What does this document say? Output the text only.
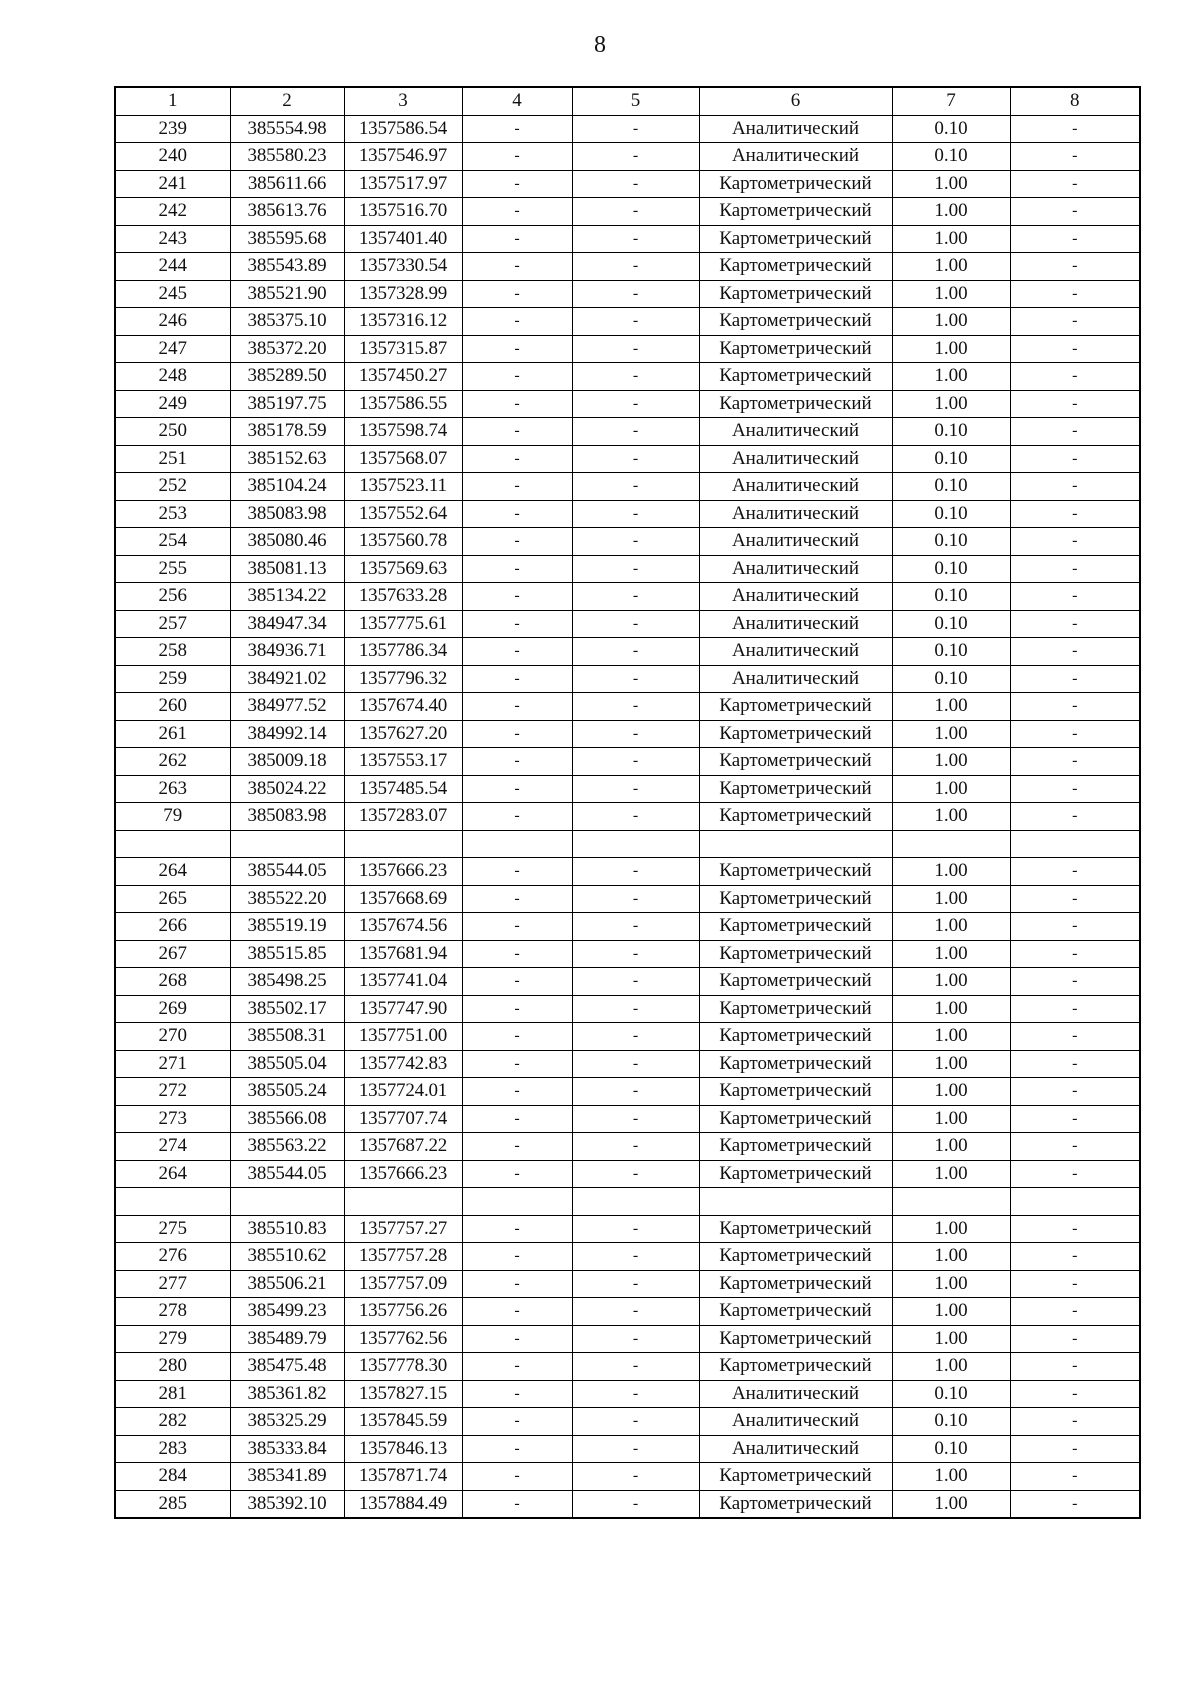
8
1	2	3	4	5	6	7	8
239	385554.98	1357586.54	-	-	Аналитический	0.10	-
240	385580.23	1357546.97	-	-	Аналитический	0.10	-
241	385611.66	1357517.97	-	-	Картометрический	1.00	-
242	385613.76	1357516.70	-	-	Картометрический	1.00	-
243	385595.68	1357401.40	-	-	Картометрический	1.00	-
244	385543.89	1357330.54	-	-	Картометрический	1.00	-
245	385521.90	1357328.99	-	-	Картометрический	1.00	-
246	385375.10	1357316.12	-	-	Картометрический	1.00	-
247	385372.20	1357315.87	-	-	Картометрический	1.00	-
248	385289.50	1357450.27	-	-	Картометрический	1.00	-
249	385197.75	1357586.55	-	-	Картометрический	1.00	-
250	385178.59	1357598.74	-	-	Аналитический	0.10	-
251	385152.63	1357568.07	-	-	Аналитический	0.10	-
252	385104.24	1357523.11	-	-	Аналитический	0.10	-
253	385083.98	1357552.64	-	-	Аналитический	0.10	-
254	385080.46	1357560.78	-	-	Аналитический	0.10	-
255	385081.13	1357569.63	-	-	Аналитический	0.10	-
256	385134.22	1357633.28	-	-	Аналитический	0.10	-
257	384947.34	1357775.61	-	-	Аналитический	0.10	-
258	384936.71	1357786.34	-	-	Аналитический	0.10	-
259	384921.02	1357796.32	-	-	Аналитический	0.10	-
260	384977.52	1357674.40	-	-	Картометрический	1.00	-
261	384992.14	1357627.20	-	-	Картометрический	1.00	-
262	385009.18	1357553.17	-	-	Картометрический	1.00	-
263	385024.22	1357485.54	-	-	Картометрический	1.00	-
79	385083.98	1357283.07	-	-	Картометрический	1.00	-

264	385544.05	1357666.23	-	-	Картометрический	1.00	-
265	385522.20	1357668.69	-	-	Картометрический	1.00	-
266	385519.19	1357674.56	-	-	Картометрический	1.00	-
267	385515.85	1357681.94	-	-	Картометрический	1.00	-
268	385498.25	1357741.04	-	-	Картометрический	1.00	-
269	385502.17	1357747.90	-	-	Картометрический	1.00	-
270	385508.31	1357751.00	-	-	Картометрический	1.00	-
271	385505.04	1357742.83	-	-	Картометрический	1.00	-
272	385505.24	1357724.01	-	-	Картометрический	1.00	-
273	385566.08	1357707.74	-	-	Картометрический	1.00	-
274	385563.22	1357687.22	-	-	Картометрический	1.00	-
264	385544.05	1357666.23	-	-	Картометрический	1.00	-

275	385510.83	1357757.27	-	-	Картометрический	1.00	-
276	385510.62	1357757.28	-	-	Картометрический	1.00	-
277	385506.21	1357757.09	-	-	Картометрический	1.00	-
278	385499.23	1357756.26	-	-	Картометрический	1.00	-
279	385489.79	1357762.56	-	-	Картометрический	1.00	-
280	385475.48	1357778.30	-	-	Картометрический	1.00	-
281	385361.82	1357827.15	-	-	Аналитический	0.10	-
282	385325.29	1357845.59	-	-	Аналитический	0.10	-
283	385333.84	1357846.13	-	-	Аналитический	0.10	-
284	385341.89	1357871.74	-	-	Картометрический	1.00	-
285	385392.10	1357884.49	-	-	Картометрический	1.00	-
